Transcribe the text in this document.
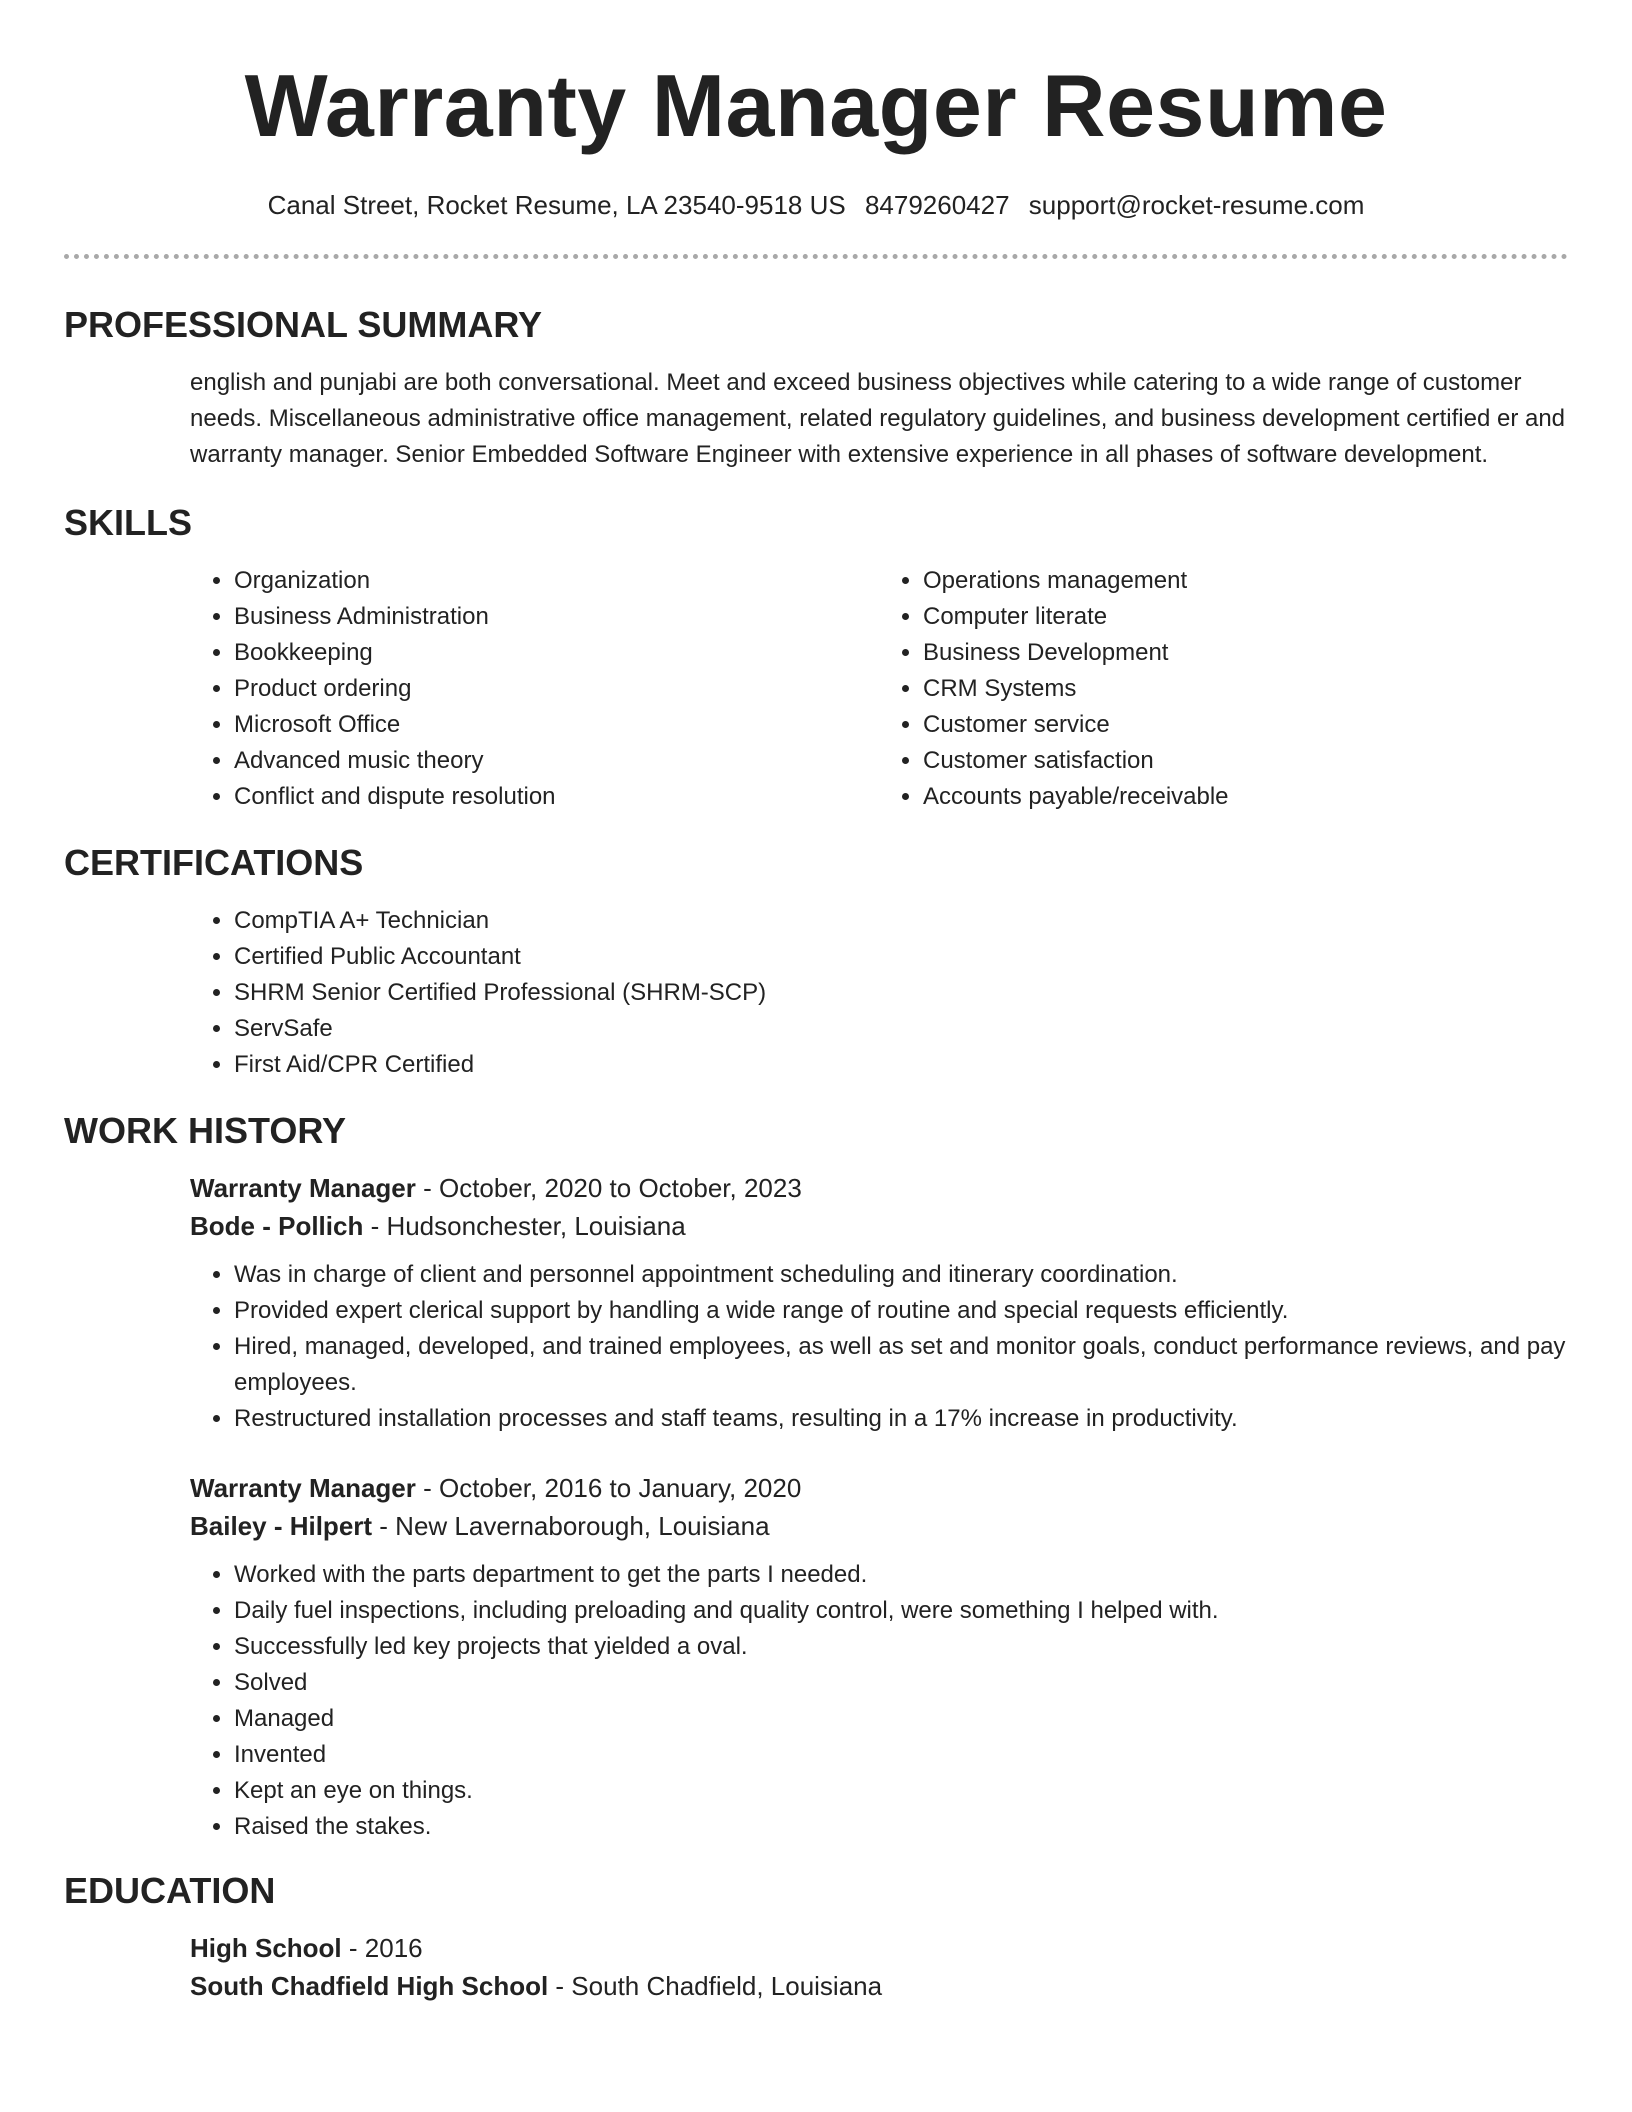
Warranty Manager Resume
Canal Street, Rocket Resume, LA 23540-9518 US 8479260427 support@rocket-resume.com
PROFESSIONAL SUMMARY

english and punjabi are both conversational. Meet and exceed business objectives while catering to a wide range of customer needs. Miscellaneous administrative office management, related regulatory guidelines, and business development certified er and warranty manager. Senior Embedded Software Engineer with extensive experience in all phases of software development.

SKILLS
• Organization
• Business Administration
• Bookkeeping
• Product ordering
• Microsoft Office
• Advanced music theory
• Conflict and dispute resolution
• Operations management
• Computer literate
• Business Development
• CRM Systems
• Customer service
• Customer satisfaction
• Accounts payable/receivable
CERTIFICATIONS
• CompTIA A+ Technician
• Certified Public Accountant
• SHRM Senior Certified Professional (SHRM-SCP)
• ServSafe
• First Aid/CPR Certified
WORK HISTORY
Warranty Manager - October, 2020 to October, 2023
Bode - Pollich - Hudsonchester, Louisiana
• Was in charge of client and personnel appointment scheduling and itinerary coordination.
• Provided expert clerical support by handling a wide range of routine and special requests efficiently.
• Hired, managed, developed, and trained employees, as well as set and monitor goals, conduct performance reviews, and pay employees.
• Restructured installation processes and staff teams, resulting in a 17% increase in productivity.
Warranty Manager - October, 2016 to January, 2020
Bailey - Hilpert - New Lavernaborough, Louisiana
• Worked with the parts department to get the parts I needed.
• Daily fuel inspections, including preloading and quality control, were something I helped with.
• Successfully led key projects that yielded a oval.
• Solved
• Managed
• Invented
• Kept an eye on things.
• Raised the stakes.
EDUCATION
High School - 2016
South Chadfield High School - South Chadfield, Louisiana
